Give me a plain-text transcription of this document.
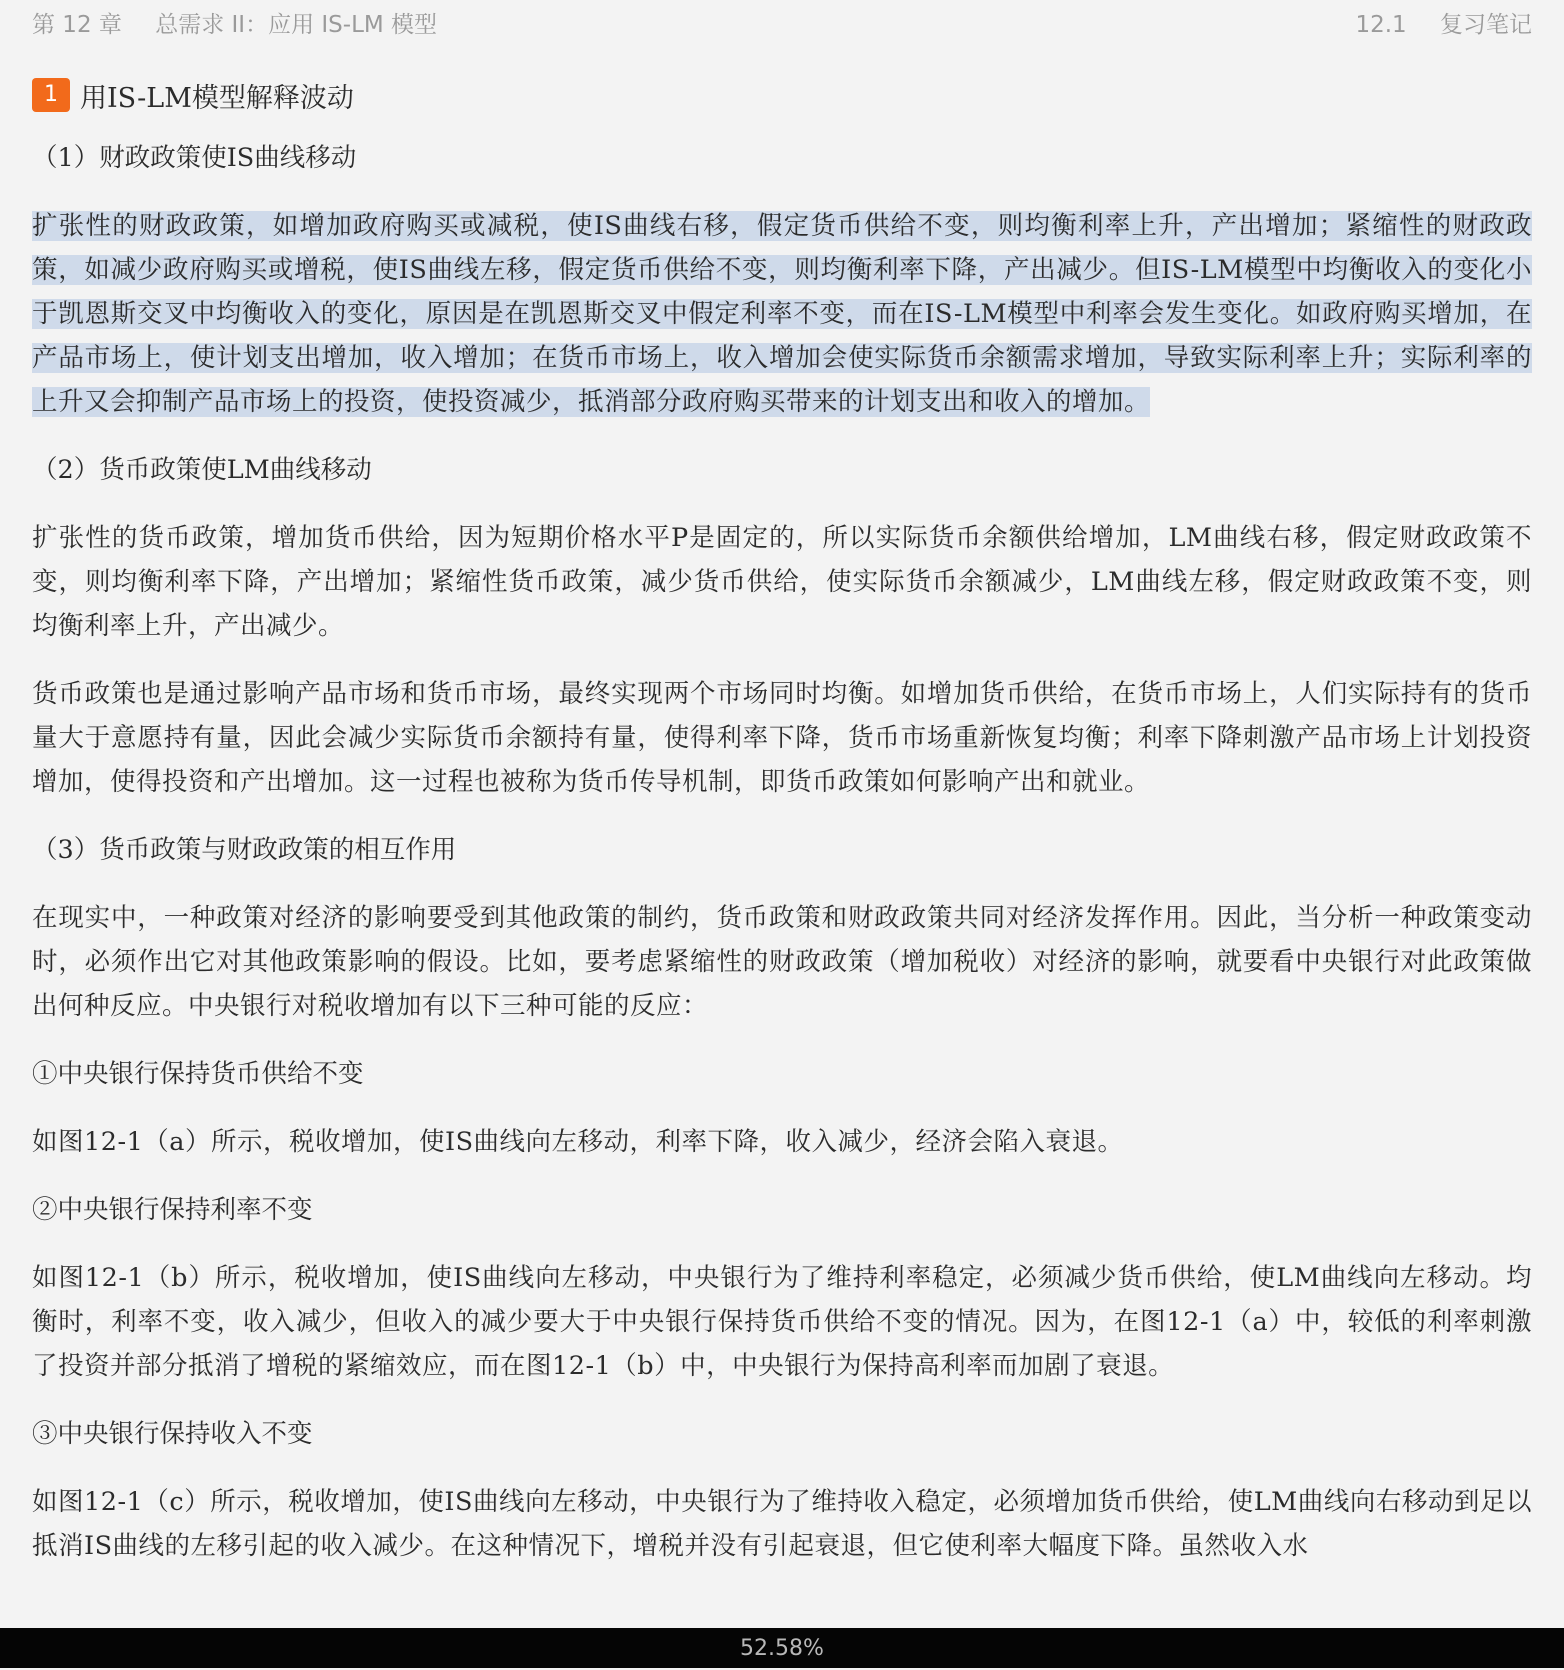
第 12 章 总需求 II：应用 IS-LM 模型	12.1 复习笔记
1 用IS-LM模型解释波动
（1）财政政策使IS曲线移动

扩张性的财政政策，如增加政府购买或减税，使IS曲线右移，假定货币供给不变，则均衡利率上升，产出增加；紧缩性的财政政策，如减少政府购买或增税，使IS曲线左移，假定货币供给不变，则均衡利率下降，产出减少。但IS-LM模型中均衡收入的变化小于凯恩斯交叉中均衡收入的变化，原因是在凯恩斯交叉中假定利率不变，而在IS-LM模型中利率会发生变化。如政府购买增加，在产品市场上，使计划支出增加，收入增加；在货币市场上，收入增加会使实际货币余额需求增加，导致实际利率上升；实际利率的上升又会抑制产品市场上的投资，使投资减少，抵消部分政府购买带来的计划支出和收入的增加。

（2）货币政策使LM曲线移动

扩张性的货币政策，增加货币供给，因为短期价格水平P是固定的，所以实际货币余额供给增加，LM曲线右移，假定财政政策不变，则均衡利率下降，产出增加；紧缩性货币政策，减少货币供给，使实际货币余额减少，LM曲线左移，假定财政政策不变，则均衡利率上升，产出减少。

货币政策也是通过影响产品市场和货币市场，最终实现两个市场同时均衡。如增加货币供给，在货币市场上，人们实际持有的货币量大于意愿持有量，因此会减少实际货币余额持有量，使得利率下降，货币市场重新恢复均衡；利率下降刺激产品市场上计划投资增加，使得投资和产出增加。这一过程也被称为货币传导机制，即货币政策如何影响产出和就业。

（3）货币政策与财政政策的相互作用

在现实中，一种政策对经济的影响要受到其他政策的制约，货币政策和财政政策共同对经济发挥作用。因此，当分析一种政策变动时，必须作出它对其他政策影响的假设。比如，要考虑紧缩性的财政政策（增加税收）对经济的影响，就要看中央银行对此政策做出何种反应。中央银行对税收增加有以下三种可能的反应：

①中央银行保持货币供给不变

如图12-1（a）所示，税收增加，使IS曲线向左移动，利率下降，收入减少，经济会陷入衰退。

②中央银行保持利率不变

如图12-1（b）所示，税收增加，使IS曲线向左移动，中央银行为了维持利率稳定，必须减少货币供给，使LM曲线向左移动。均衡时，利率不变，收入减少，但收入的减少要大于中央银行保持货币供给不变的情况。因为，在图12-1（a）中，较低的利率刺激了投资并部分抵消了增税的紧缩效应，而在图12-1（b）中，中央银行为保持高利率而加剧了衰退。

③中央银行保持收入不变

如图12-1（c）所示，税收增加，使IS曲线向左移动，中央银行为了维持收入稳定，必须增加货币供给，使LM曲线向右移动到足以抵消IS曲线的左移引起的收入减少。在这种情况下，增税并没有引起衰退，但它使利率大幅度下降。虽然收入水

52.58%
